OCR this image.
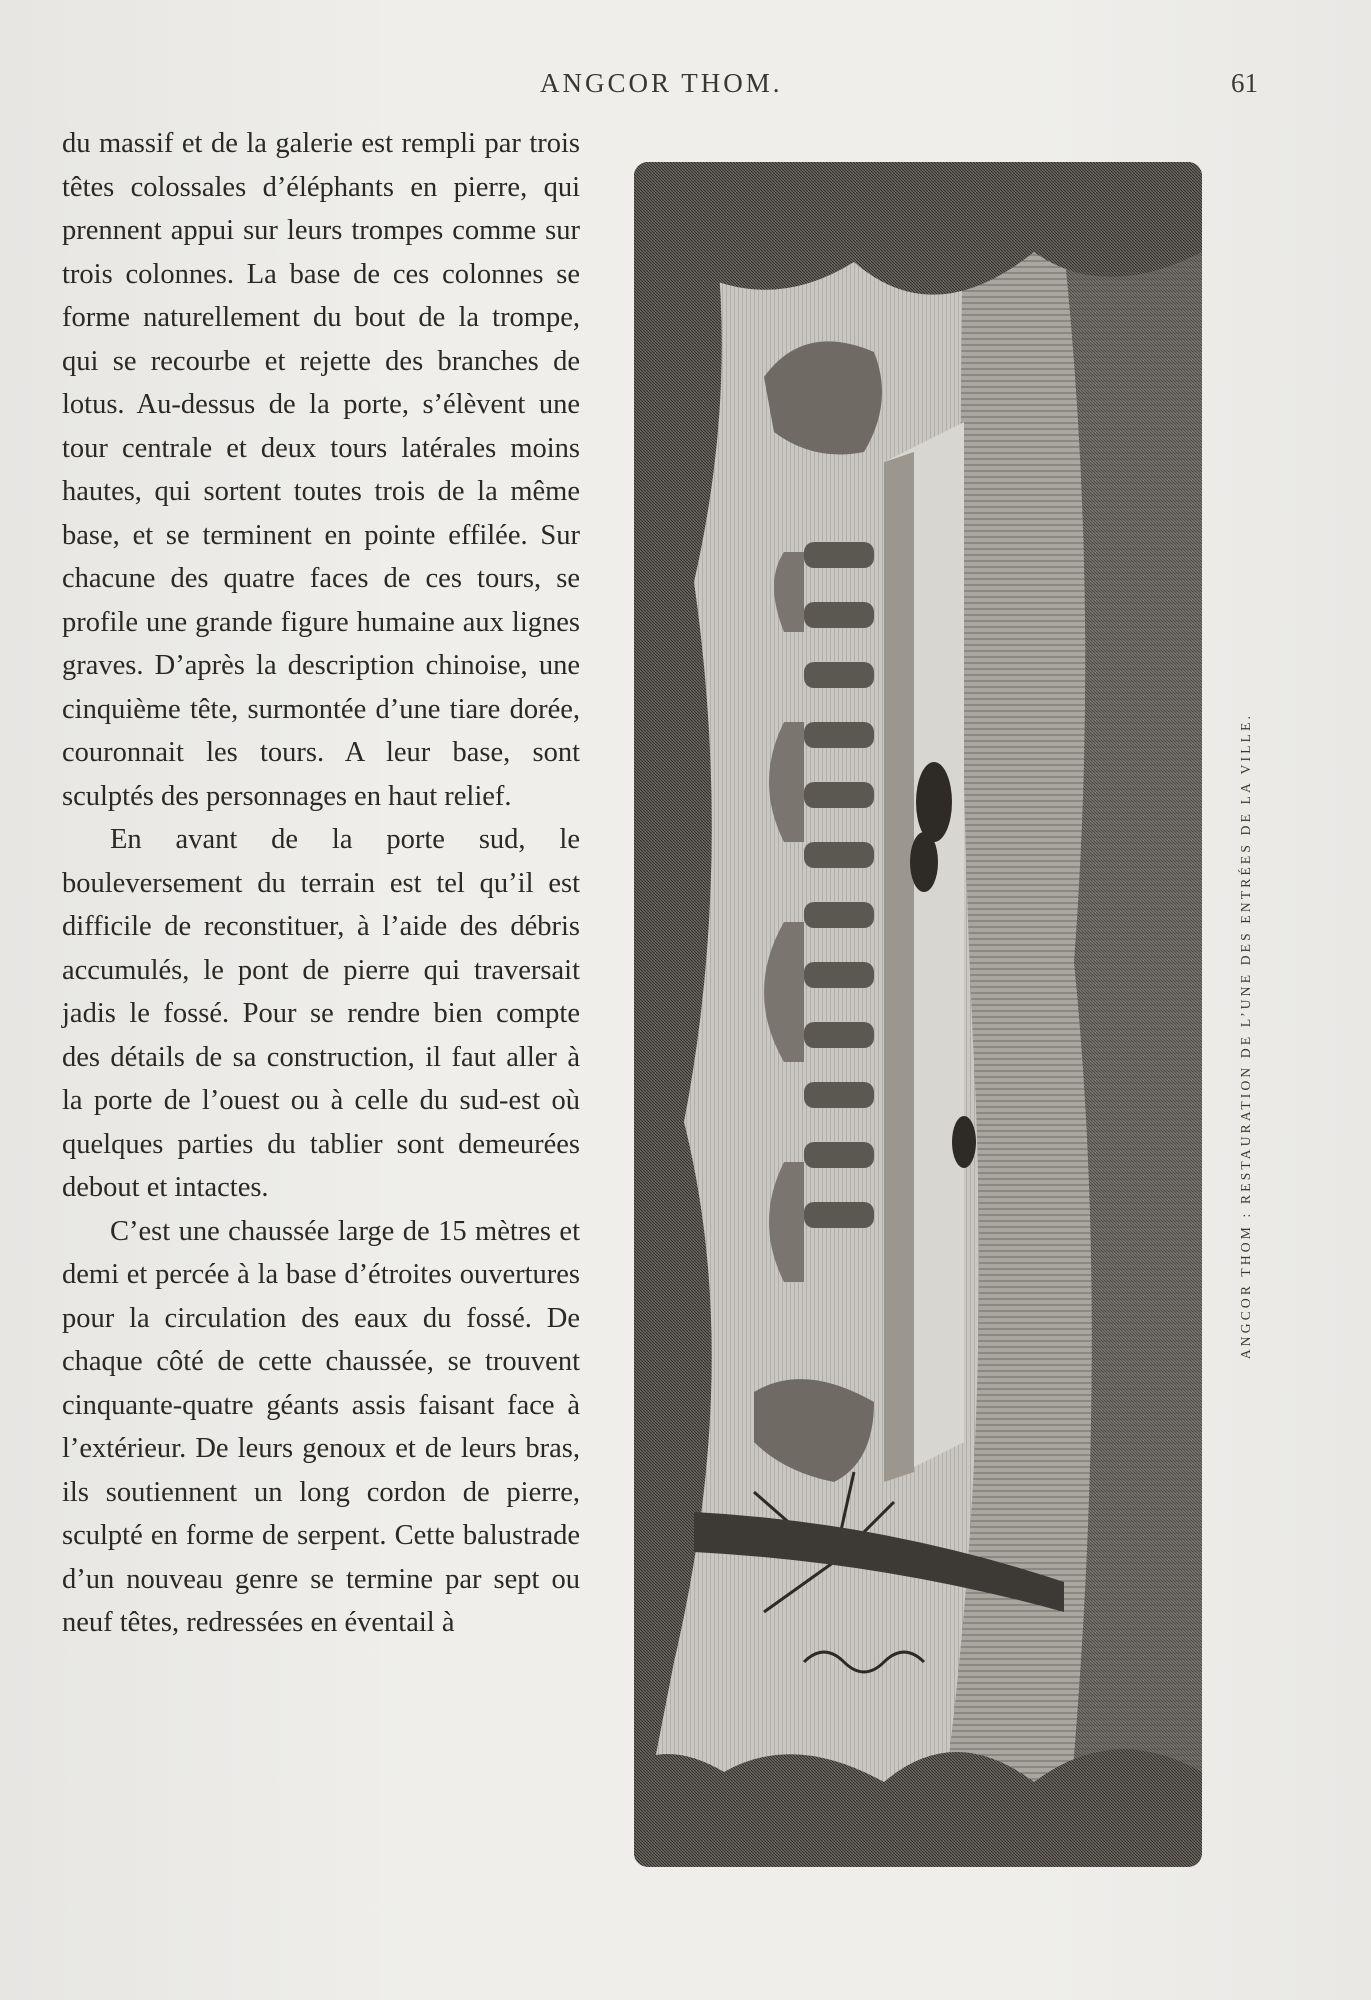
ANGCOR THOM.	61

du massif et de la galerie est rempli par trois têtes colossales d’éléphants en pierre, qui prennent appui sur leurs trompes comme sur trois colonnes. La base de ces colonnes se forme naturellement du bout de la trompe, qui se recourbe et rejette des branches de lotus. Au-dessus de la porte, s’élèvent une tour centrale et deux tours latérales moins hautes, qui sortent toutes trois de la même base, et se terminent en pointe effilée. Sur chacune des quatre faces de ces tours, se profile une grande figure humaine aux lignes graves. D’après la description chinoise, une cinquième tête, surmontée d’une tiare dorée, couronnait les tours. A leur base, sont sculptés des personnages en haut relief.

En avant de la porte sud, le bouleversement du terrain est tel qu’il est difficile de reconstituer, à l’aide des débris accumulés, le pont de pierre qui traversait jadis le fossé. Pour se rendre bien compte des détails de sa construction, il faut aller à la porte de l’ouest ou à celle du sud-est où quelques parties du tablier sont demeurées debout et intactes.

C’est une chaussée large de 15 mètres et demi et percée à la base d’étroites ouvertures pour la circulation des eaux du fossé. De chaque côté de cette chaussée, se trouvent cinquante-quatre géants assis faisant face à l’extérieur. De leurs genoux et de leurs bras, ils soutiennent un long cordon de pierre, sculpté en forme de serpent. Cette balustrade d’un nouveau genre se termine par sept ou neuf têtes, redressées en éventail à

ANGCOR THOM : RESTAURATION DE L’UNE DES ENTRÉES DE LA VILLE.
